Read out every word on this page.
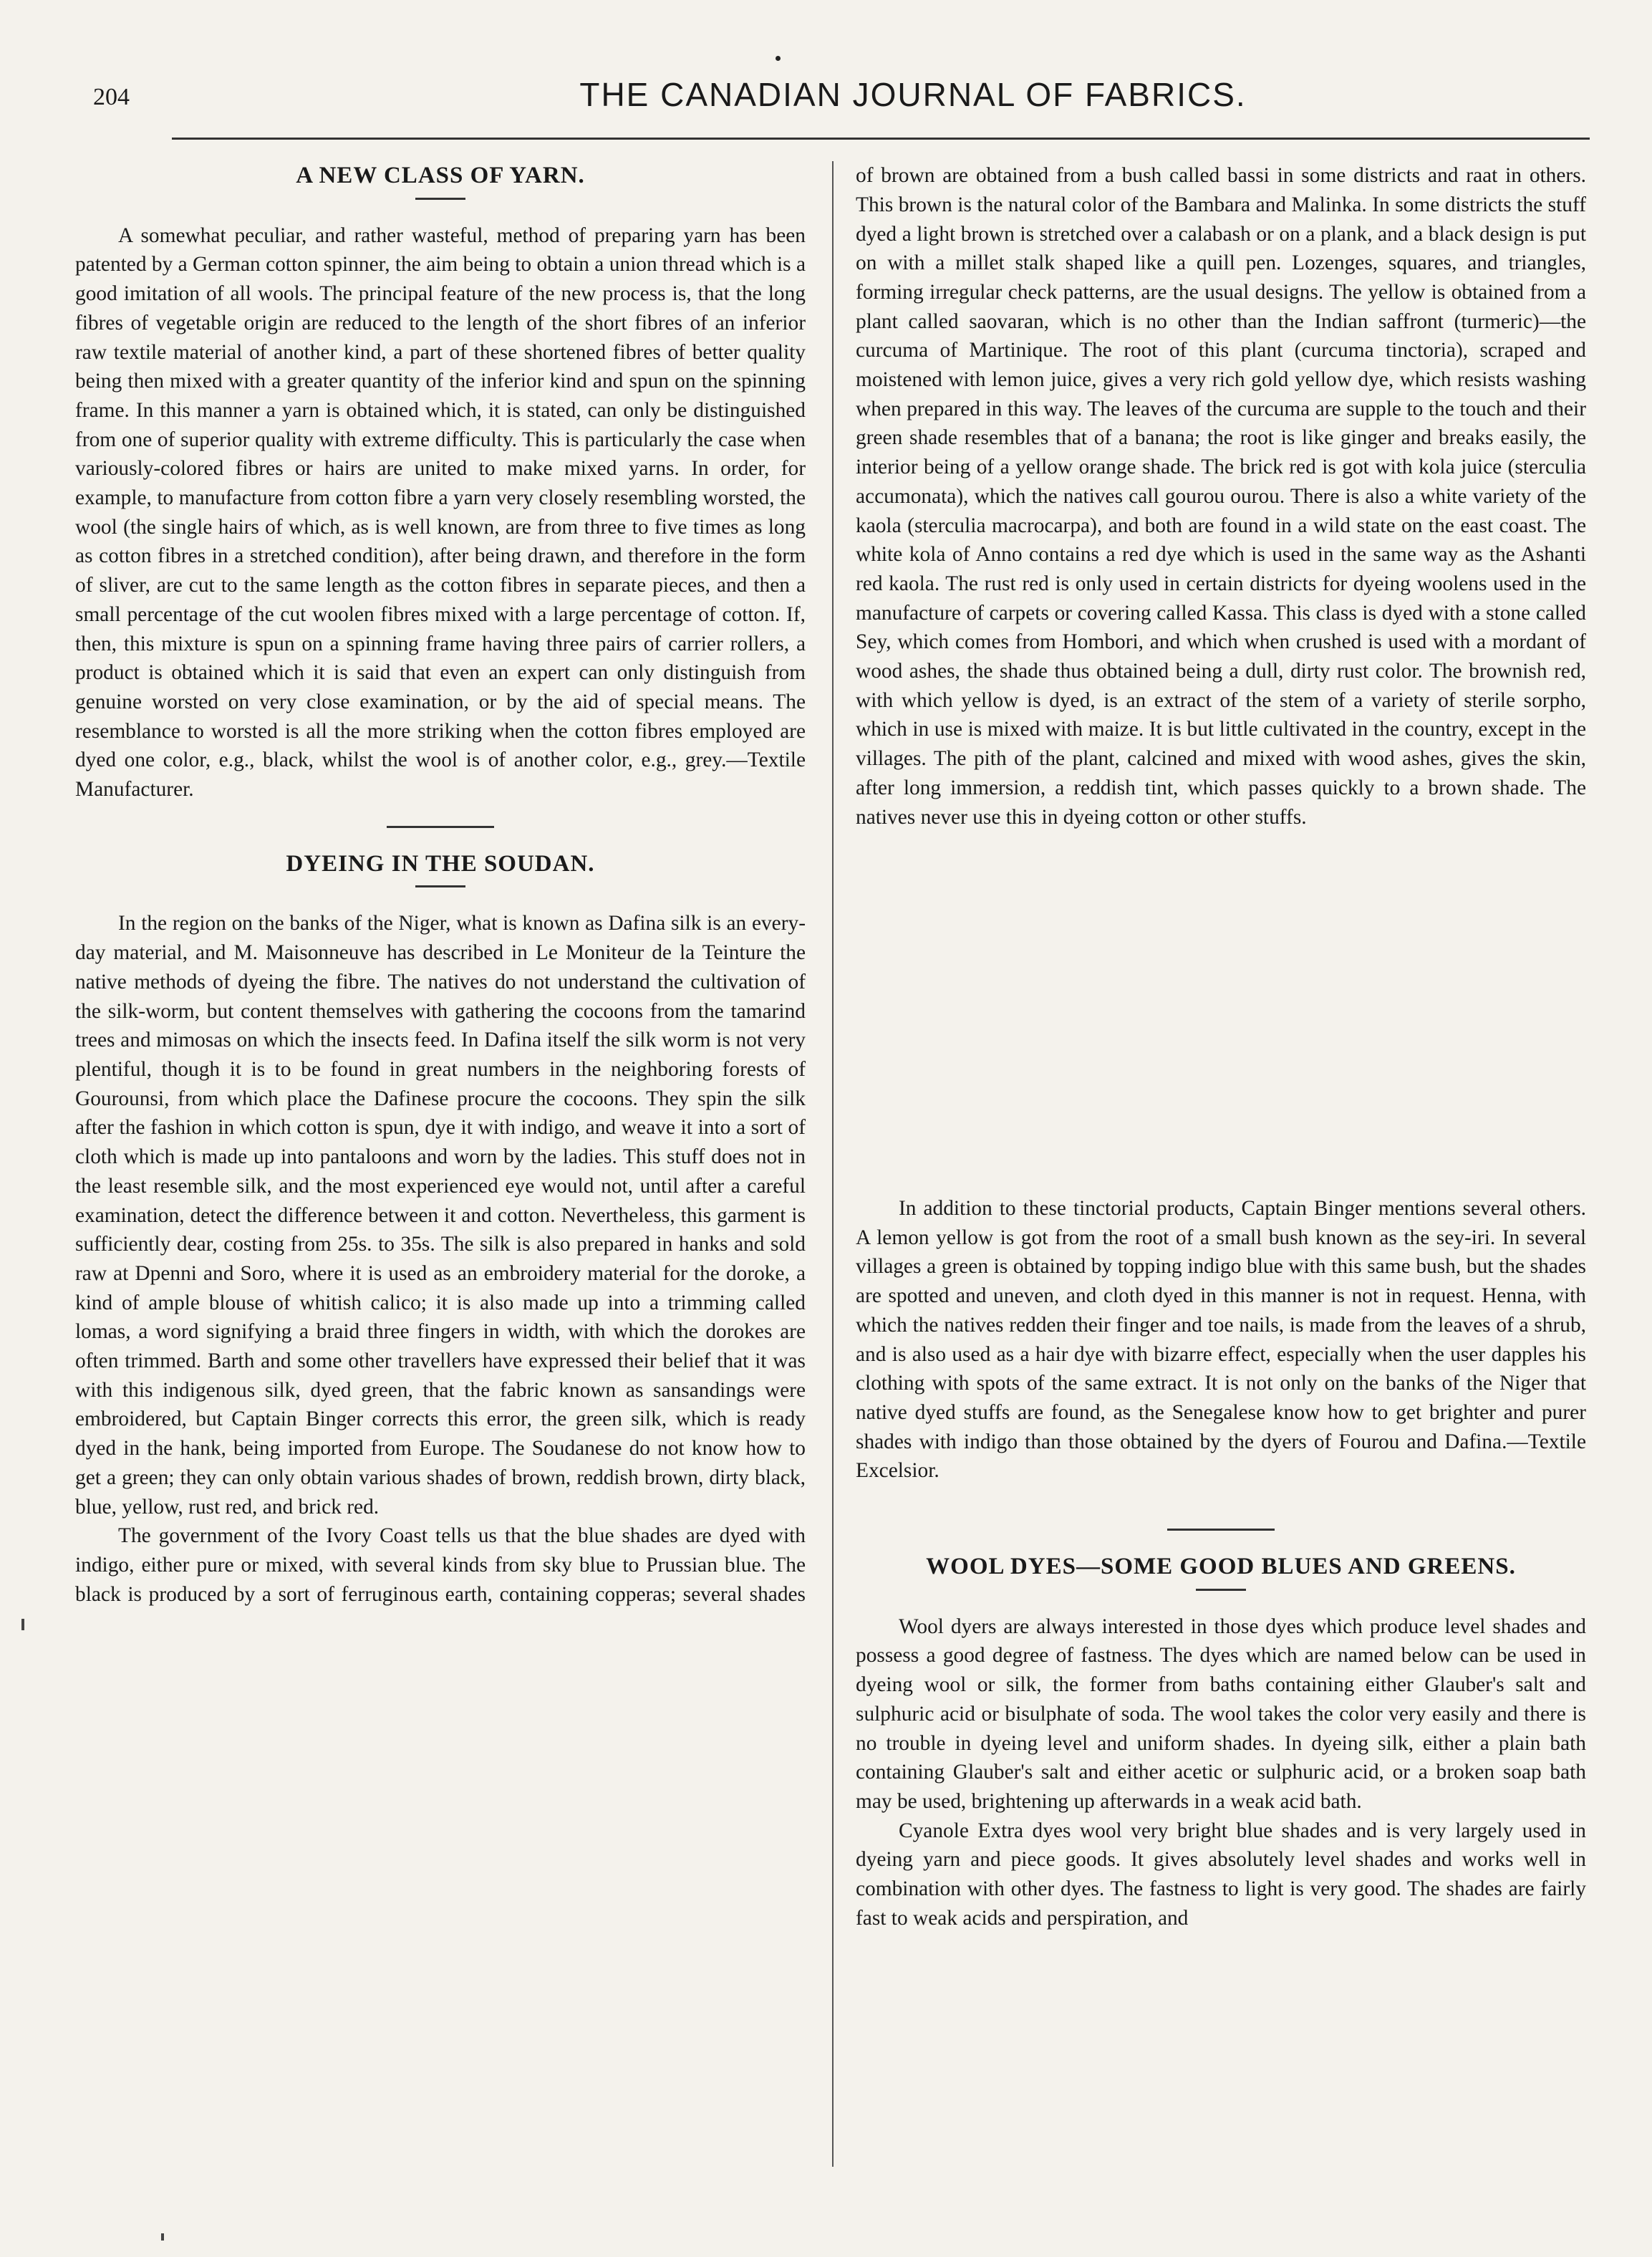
204	THE CANADIAN JOURNAL OF FABRICS.
A NEW CLASS OF YARN.

A somewhat peculiar, and rather wasteful, method of preparing yarn has been patented by a German cotton spinner, the aim being to obtain a union thread which is a good imitation of all wools. The principal feature of the new process is, that the long fibres of vegetable origin are reduced to the length of the short fibres of an inferior raw textile material of another kind, a part of these shortened fibres of better quality being then mixed with a greater quantity of the inferior kind and spun on the spinning frame. In this manner a yarn is obtained which, it is stated, can only be distinguished from one of superior quality with extreme difficulty. This is particularly the case when variously-colored fibres or hairs are united to make mixed yarns. In order, for example, to manufacture from cotton fibre a yarn very closely resembling worsted, the wool (the single hairs of which, as is well known, are from three to five times as long as cotton fibres in a stretched condition), after being drawn, and therefore in the form of sliver, are cut to the same length as the cotton fibres in separate pieces, and then a small percentage of the cut woolen fibres mixed with a large percentage of cotton. If, then, this mixture is spun on a spinning frame having three pairs of carrier rollers, a product is obtained which it is said that even an expert can only distinguish from genuine worsted on very close examination, or by the aid of special means. The resemblance to worsted is all the more striking when the cotton fibres employed are dyed one color, e.g., black, whilst the wool is of another color, e.g., grey.—Textile Manufacturer.

DYEING IN THE SOUDAN.

In the region on the banks of the Niger, what is known as Dafina silk is an every-day material, and M. Maisonneuve has described in Le Moniteur de la Teinture the native methods of dyeing the fibre. The natives do not understand the cultivation of the silk-worm, but content themselves with gathering the cocoons from the tamarind trees and mimosas on which the insects feed. In Dafina itself the silk worm is not very plentiful, though it is to be found in great numbers in the neighboring forests of Gourounsi, from which place the Dafinese procure the cocoons. They spin the silk after the fashion in which cotton is spun, dye it with indigo, and weave it into a sort of cloth which is made up into pantaloons and worn by the ladies. This stuff does not in the least resemble silk, and the most experienced eye would not, until after a careful examination, detect the difference between it and cotton. Nevertheless, this garment is sufficiently dear, costing from 25s. to 35s. The silk is also prepared in hanks and sold raw at Dpenni and Soro, where it is used as an embroidery material for the doroke, a kind of ample blouse of whitish calico; it is also made up into a trimming called lomas, a word signifying a braid three fingers in width, with which the dorokes are often trimmed. Barth and some other travellers have expressed their belief that it was with this indigenous silk, dyed green, that the fabric known as sansandings were embroidered, but Captain Binger corrects this error, the green silk, which is ready dyed in the hank, being imported from Europe. The Soudanese do not know how to get a green; they can only obtain various shades of brown, reddish brown, dirty black, blue, yellow, rust red, and brick red.

The government of the Ivory Coast tells us that the blue shades are dyed with indigo, either pure or mixed, with several kinds from sky blue to Prussian blue. The black is produced by a sort of ferruginous earth, containing copperas; several shades

of brown are obtained from a bush called bassi in some districts and raat in others. This brown is the natural color of the Bambara and Malinka. In some districts the stuff dyed a light brown is stretched over a calabash or on a plank, and a black design is put on with a millet stalk shaped like a quill pen. Lozenges, squares, and triangles, forming irregular check patterns, are the usual designs. The yellow is obtained from a plant called saovaran, which is no other than the Indian saffront (turmeric)—the curcuma of Martinique. The root of this plant (curcuma tinctoria), scraped and moistened with lemon juice, gives a very rich gold yellow dye, which resists washing when prepared in this way. The leaves of the curcuma are supple to the touch and their green shade resembles that of a banana; the root is like ginger and breaks easily, the interior being of a yellow orange shade. The brick red is got with kola juice (sterculia accumonata), which the natives call gourou ourou. There is also a white variety of the kaola (sterculia macrocarpa), and both are found in a wild state on the east coast. The white kola of Anno contains a red dye which is used in the same way as the Ashanti red kaola. The rust red is only used in certain districts for dyeing woolens used in the manufacture of carpets or covering called Kassa. This class is dyed with a stone called Sey, which comes from Hombori, and which when crushed is used with a mordant of wood ashes, the shade thus obtained being a dull, dirty rust color. The brownish red, with which yellow is dyed, is an extract of the stem of a variety of sterile sorpho, which in use is mixed with maize. It is but little cultivated in the country, except in the villages. The pith of the plant, calcined and mixed with wood ashes, gives the skin, after long immersion, a reddish tint, which passes quickly to a brown shade. The natives never use this in dyeing cotton or other stuffs.

In addition to these tinctorial products, Captain Binger mentions several others. A lemon yellow is got from the root of a small bush known as the sey-iri. In several villages a green is obtained by topping indigo blue with this same bush, but the shades are spotted and uneven, and cloth dyed in this manner is not in request. Henna, with which the natives redden their finger and toe nails, is made from the leaves of a shrub, and is also used as a hair dye with bizarre effect, especially when the user dapples his clothing with spots of the same extract. It is not only on the banks of the Niger that native dyed stuffs are found, as the Senegalese know how to get brighter and purer shades with indigo than those obtained by the dyers of Fourou and Dafina.—Textile Excelsior.

WOOL DYES—SOME GOOD BLUES AND GREENS.

Wool dyers are always interested in those dyes which produce level shades and possess a good degree of fastness. The dyes which are named below can be used in dyeing wool or silk, the former from baths containing either Glauber's salt and sulphuric acid or bisulphate of soda. The wool takes the color very easily and there is no trouble in dyeing level and uniform shades. In dyeing silk, either a plain bath containing Glauber's salt and either acetic or sulphuric acid, or a broken soap bath may be used, brightening up afterwards in a weak acid bath.

Cyanole Extra dyes wool very bright blue shades and is very largely used in dyeing yarn and piece goods. It gives absolutely level shades and works well in combination with other dyes. The fastness to light is very good. The shades are fairly fast to weak acids and perspiration, and
